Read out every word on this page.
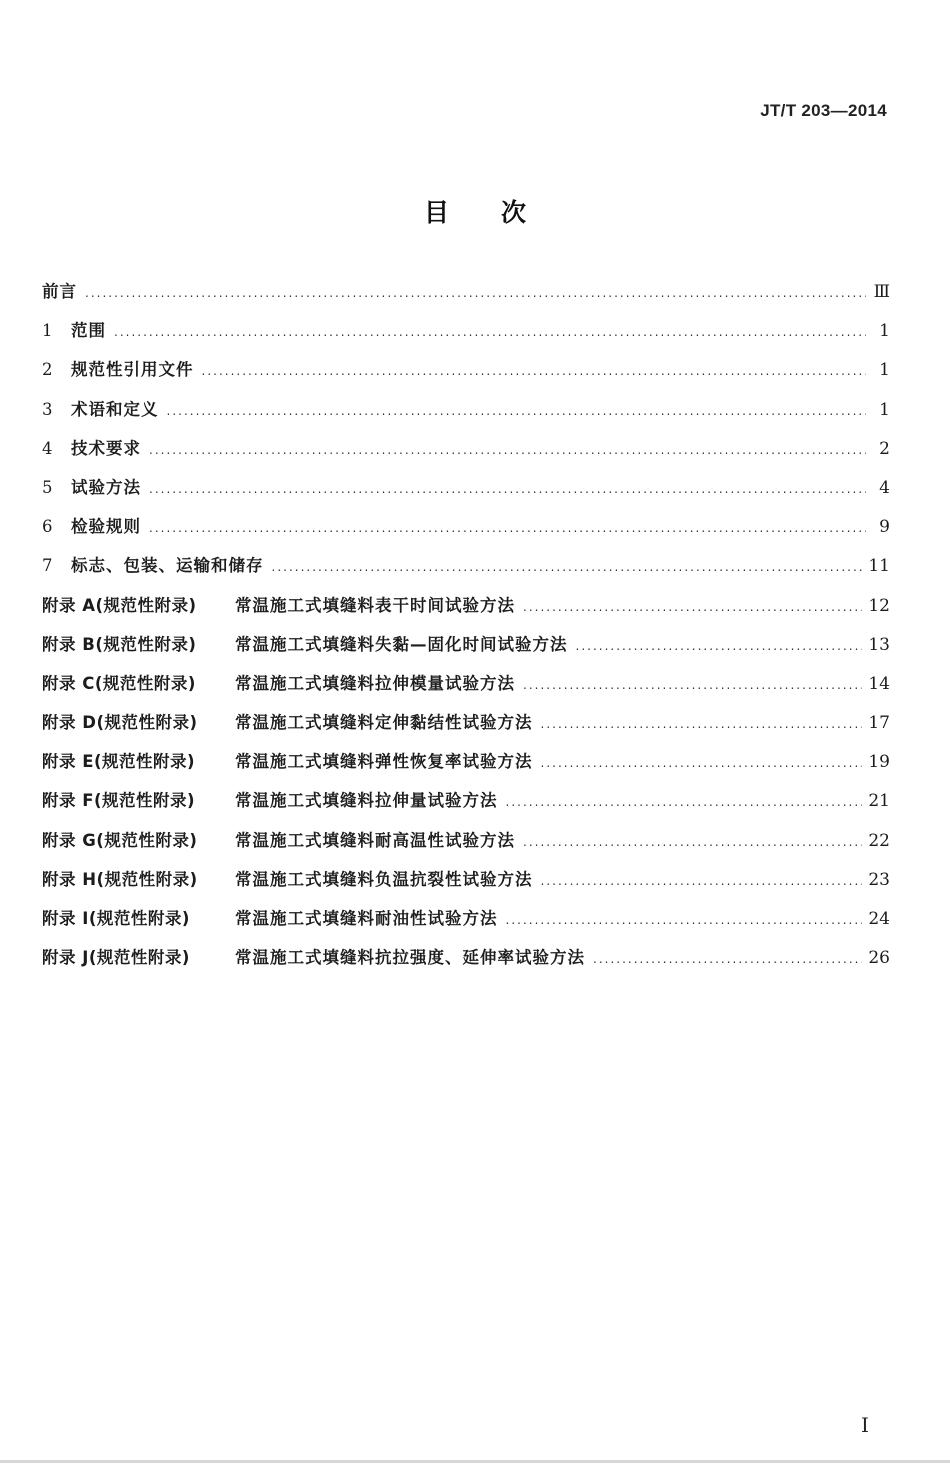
JT/T 203—2014
目次
前言 .....	Ⅲ
1	范围 .....	1
2	规范性引用文件 .....	1
3	术语和定义 .....	1
4	技术要求 .....	2
5	试验方法 .....	4
6	检验规则 .....	9
7	标志、包装、运输和储存 .....	11
附录 A(规范性附录)	常温施工式填缝料表干时间试验方法 .....	12
附录 B(规范性附录)	常温施工式填缝料失黏—固化时间试验方法 .....	13
附录 C(规范性附录)	常温施工式填缝料拉伸模量试验方法 .....	14
附录 D(规范性附录)	常温施工式填缝料定伸黏结性试验方法 .....	17
附录 E(规范性附录)	常温施工式填缝料弹性恢复率试验方法 .....	19
附录 F(规范性附录)	常温施工式填缝料拉伸量试验方法 .....	21
附录 G(规范性附录)	常温施工式填缝料耐高温性试验方法 .....	22
附录 H(规范性附录)	常温施工式填缝料负温抗裂性试验方法 .....	23
附录 I(规范性附录)	常温施工式填缝料耐油性试验方法 .....	24
附录 J(规范性附录)	常温施工式填缝料抗拉强度、延伸率试验方法 .....	26
I
